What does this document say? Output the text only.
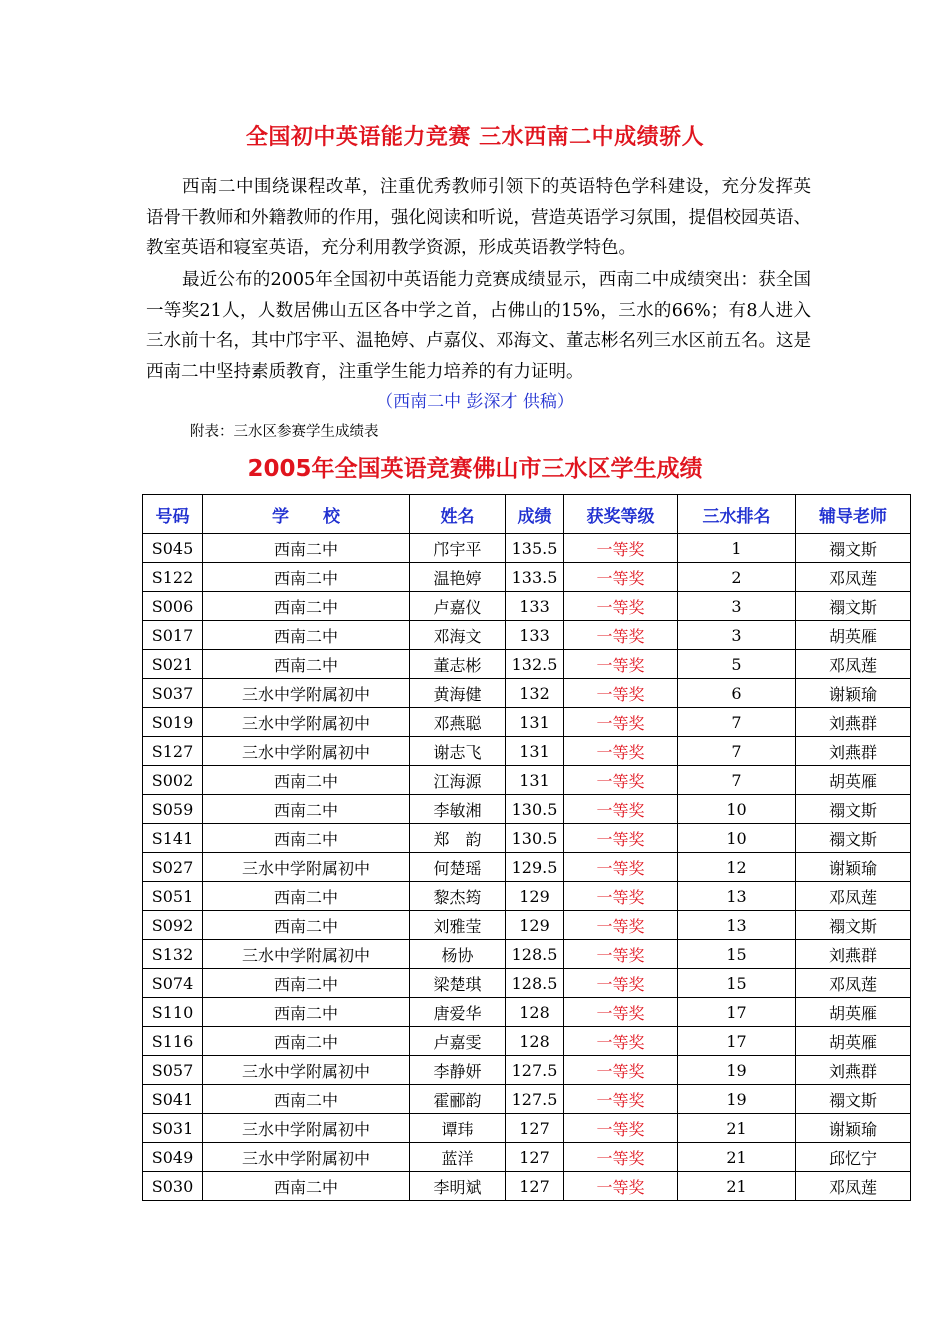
全国初中英语能力竞赛 三水西南二中成绩骄人

西南二中围绕课程改革，注重优秀教师引领下的英语特色学科建设，充分发挥英语骨干教师和外籍教师的作用，强化阅读和听说，营造英语学习氛围，提倡校园英语、教室英语和寝室英语，充分利用教学资源，形成英语教学特色。

最近公布的2005年全国初中英语能力竞赛成绩显示，西南二中成绩突出：获全国一等奖21人，人数居佛山五区各中学之首，占佛山的15%，三水的66%；有8人进入三水前十名，其中邝宇平、温艳婷、卢嘉仪、邓海文、董志彬名列三水区前五名。这是西南二中坚持素质教育，注重学生能力培养的有力证明。

（西南二中 彭深才 供稿）
附表：三水区参赛学生成绩表
2005年全国英语竞赛佛山市三水区学生成绩
号码	学　　校	姓名	成绩	获奖等级	三水排名	辅导老师
S045	西南二中	邝宇平	135.5	一等奖	1	禤文斯
S122	西南二中	温艳婷	133.5	一等奖	2	邓凤莲
S006	西南二中	卢嘉仪	133	一等奖	3	禤文斯
S017	西南二中	邓海文	133	一等奖	3	胡英雁
S021	西南二中	董志彬	132.5	一等奖	5	邓凤莲
S037	三水中学附属初中	黄海健	132	一等奖	6	谢颖瑜
S019	三水中学附属初中	邓燕聪	131	一等奖	7	刘燕群
S127	三水中学附属初中	谢志飞	131	一等奖	7	刘燕群
S002	西南二中	江海源	131	一等奖	7	胡英雁
S059	西南二中	李敏湘	130.5	一等奖	10	禤文斯
S141	西南二中	郑　韵	130.5	一等奖	10	禤文斯
S027	三水中学附属初中	何楚瑶	129.5	一等奖	12	谢颖瑜
S051	西南二中	黎杰筠	129	一等奖	13	邓凤莲
S092	西南二中	刘雅莹	129	一等奖	13	禤文斯
S132	三水中学附属初中	杨协	128.5	一等奖	15	刘燕群
S074	西南二中	梁楚琪	128.5	一等奖	15	邓凤莲
S110	西南二中	唐爱华	128	一等奖	17	胡英雁
S116	西南二中	卢嘉雯	128	一等奖	17	胡英雁
S057	三水中学附属初中	李静妍	127.5	一等奖	19	刘燕群
S041	西南二中	霍郦韵	127.5	一等奖	19	禤文斯
S031	三水中学附属初中	谭玮	127	一等奖	21	谢颖瑜
S049	三水中学附属初中	蓝洋	127	一等奖	21	邱忆宁
S030	西南二中	李明斌	127	一等奖	21	邓凤莲
